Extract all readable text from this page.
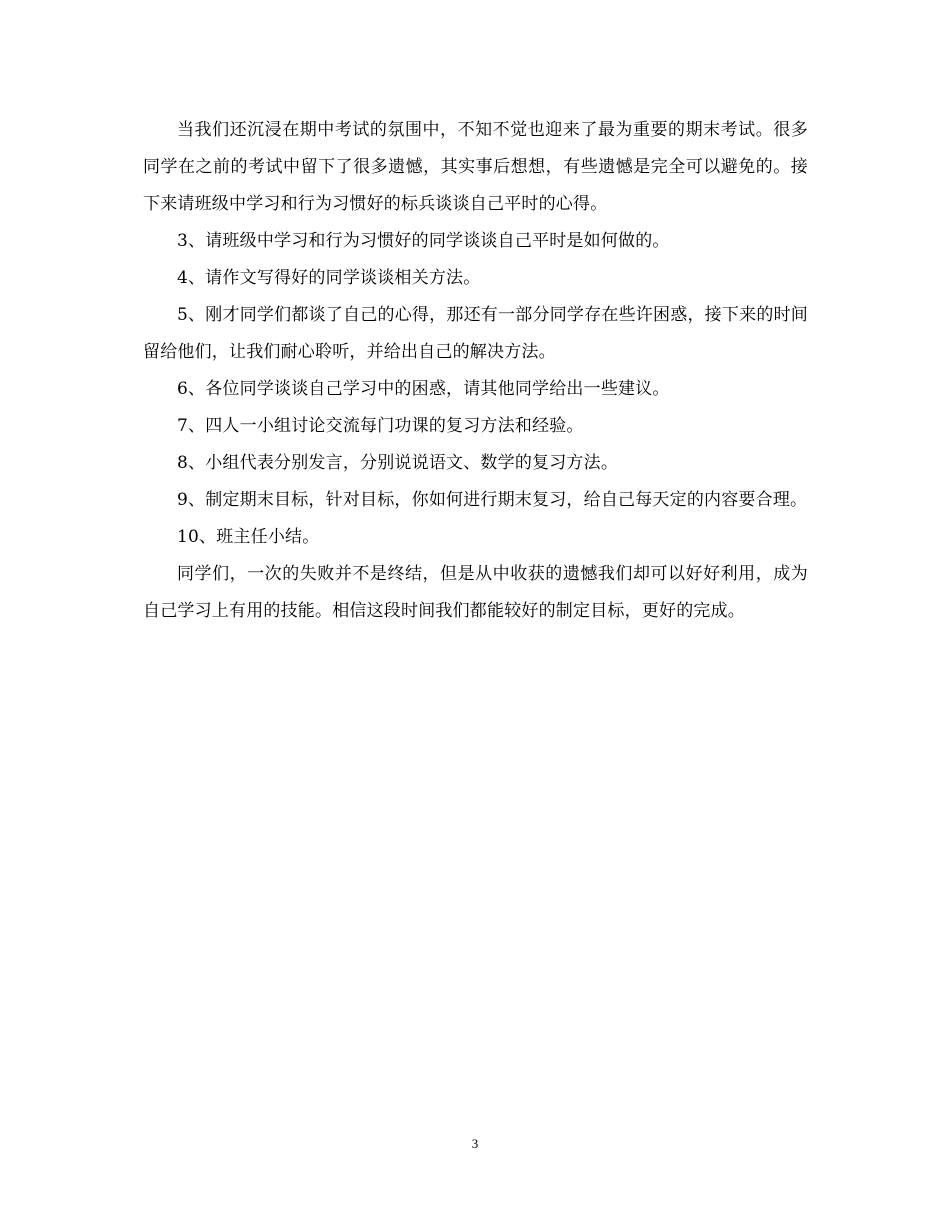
当我们还沉浸在期中考试的氛围中，不知不觉也迎来了最为重要的期末考试。很多同学在之前的考试中留下了很多遗憾，其实事后想想，有些遗憾是完全可以避免的。接下来请班级中学习和行为习惯好的标兵谈谈自己平时的心得。

3、请班级中学习和行为习惯好的同学谈谈自己平时是如何做的。

4、请作文写得好的同学谈谈相关方法。

5、刚才同学们都谈了自己的心得，那还有一部分同学存在些许困惑，接下来的时间留给他们，让我们耐心聆听，并给出自己的解决方法。

6、各位同学谈谈自己学习中的困惑，请其他同学给出一些建议。

7、四人一小组讨论交流每门功课的复习方法和经验。

8、小组代表分别发言，分别说说语文、数学的复习方法。

9、制定期末目标，针对目标，你如何进行期末复习，给自己每天定的内容要合理。

10、班主任小结。

同学们，一次的失败并不是终结，但是从中收获的遗憾我们却可以好好利用，成为自己学习上有用的技能。相信这段时间我们都能较好的制定目标，更好的完成。

3
